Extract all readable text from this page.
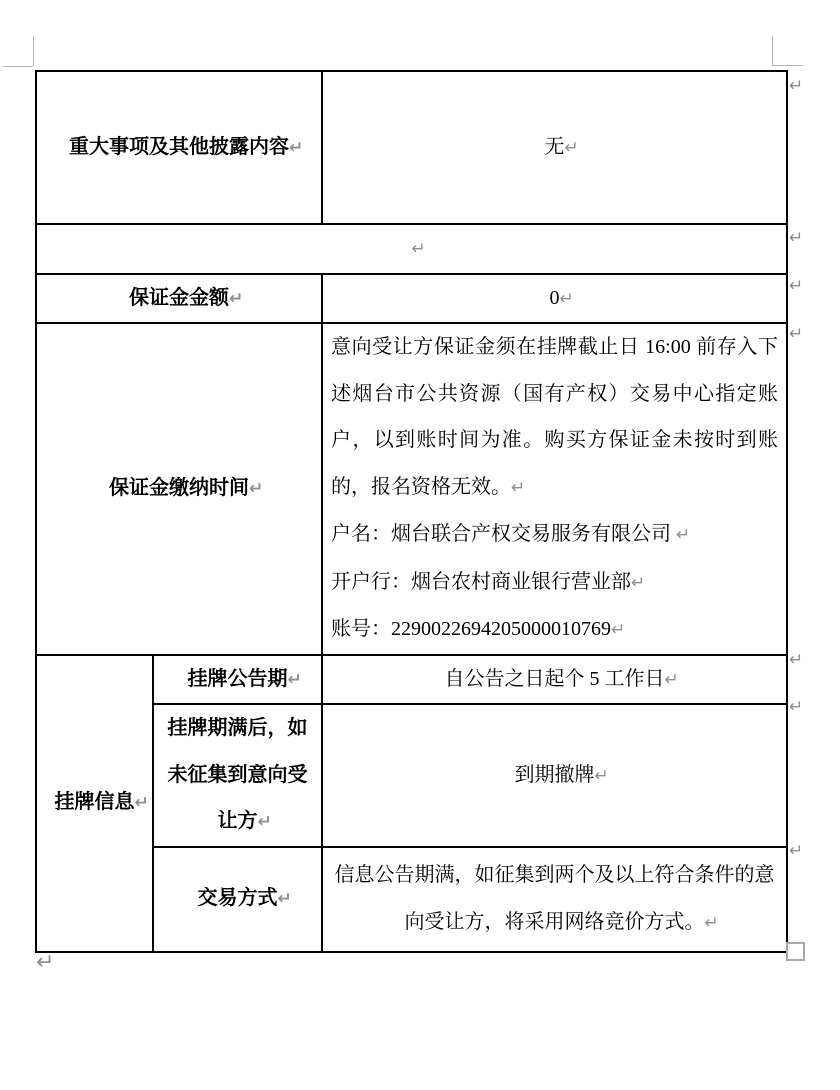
重大事项及其他披露内容↵		无↵
↵		
保证金金额↵		0↵
保证金缴纳时间↵		意向受让方保证金须在挂牌截止日 16:00 前存入下述烟台市公共资源（国有产权）交易中心指定账户，以到账时间为准。购买方保证金未按时到账的，报名资格无效。↵
户名：烟台联合产权交易服务有限公司 ↵
开户行：烟台农村商业银行营业部↵
账号：2290022694205000010769↵

挂牌信息↵	挂牌公告期↵	自公告之日起个 5 工作日↵
	挂牌期满后，如未征集到意向受让方↵	到期撤牌↵
	交易方式↵	信息公告期满，如征集到两个及以上符合条件的意向受让方，将采用网络竞价方式。↵
↵
↵
↵
↵
↵
↵
↵
↵
